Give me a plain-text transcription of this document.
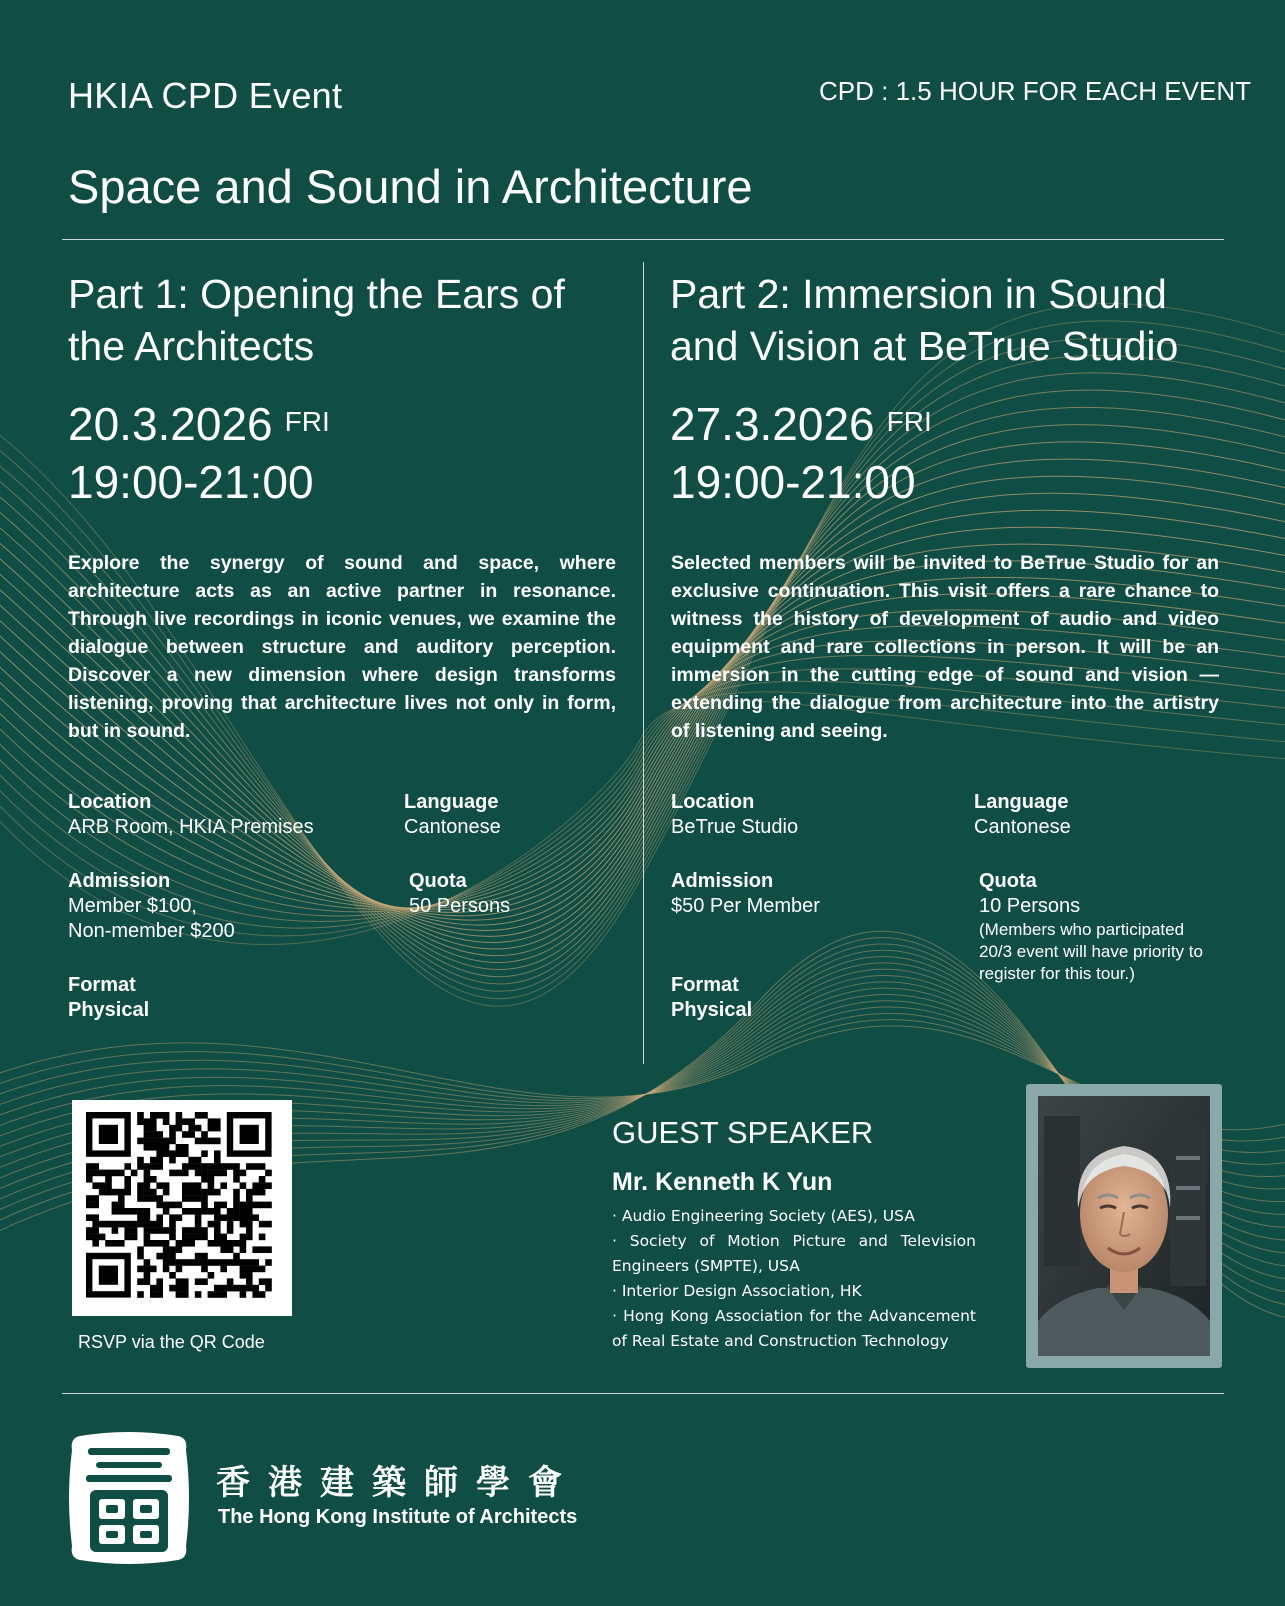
HKIA CPD Event	CPD : 1.5 HOUR FOR EACH EVENT
Space and Sound in Architecture
Part 1: Opening the Ears of
the Architects
20.3.2026 $^{FRI}$
19:00-21:00
Explore the synergy of sound and space, where architecture acts as an active partner in resonance. Through live recordings in iconic venues, we examine the dialogue between structure and auditory perception. Discover a new dimension where design transforms listening, proving that architecture lives not only in form, but in sound.
Location
ARB Room, HKIA Premises
Language
Cantonese
Admission
Member $100,
Non-member $200
Quota
50 Persons
Format
Physical
Part 2: Immersion in Sound
and Vision at BeTrue Studio
27.3.2026 $^{FRI}$
19:00-21:00
Selected members will be invited to BeTrue Studio for an exclusive continuation. This visit offers a rare chance to witness the history of development of audio and video equipment and rare collections in person. It will be an immersion in the cutting edge of sound and vision — extending the dialogue from architecture into the artistry of listening and seeing.
Location
BeTrue Studio
Language
Cantonese
Admission
$50 Per Member
Quota
10 Persons
(Members who participated 20/3 event will have priority to register for this tour.)
Format
Physical
RSVP via the QR Code
GUEST SPEAKER
Mr. Kenneth K Yun
· Audio Engineering Society (AES), USA
· Society of Motion Picture and Television Engineers (SMPTE), USA
· Interior Design Association, HK
· Hong Kong Association for the Advancement of Real Estate and Construction Technology
香港建築師學會
The Hong Kong Institute of Architects
